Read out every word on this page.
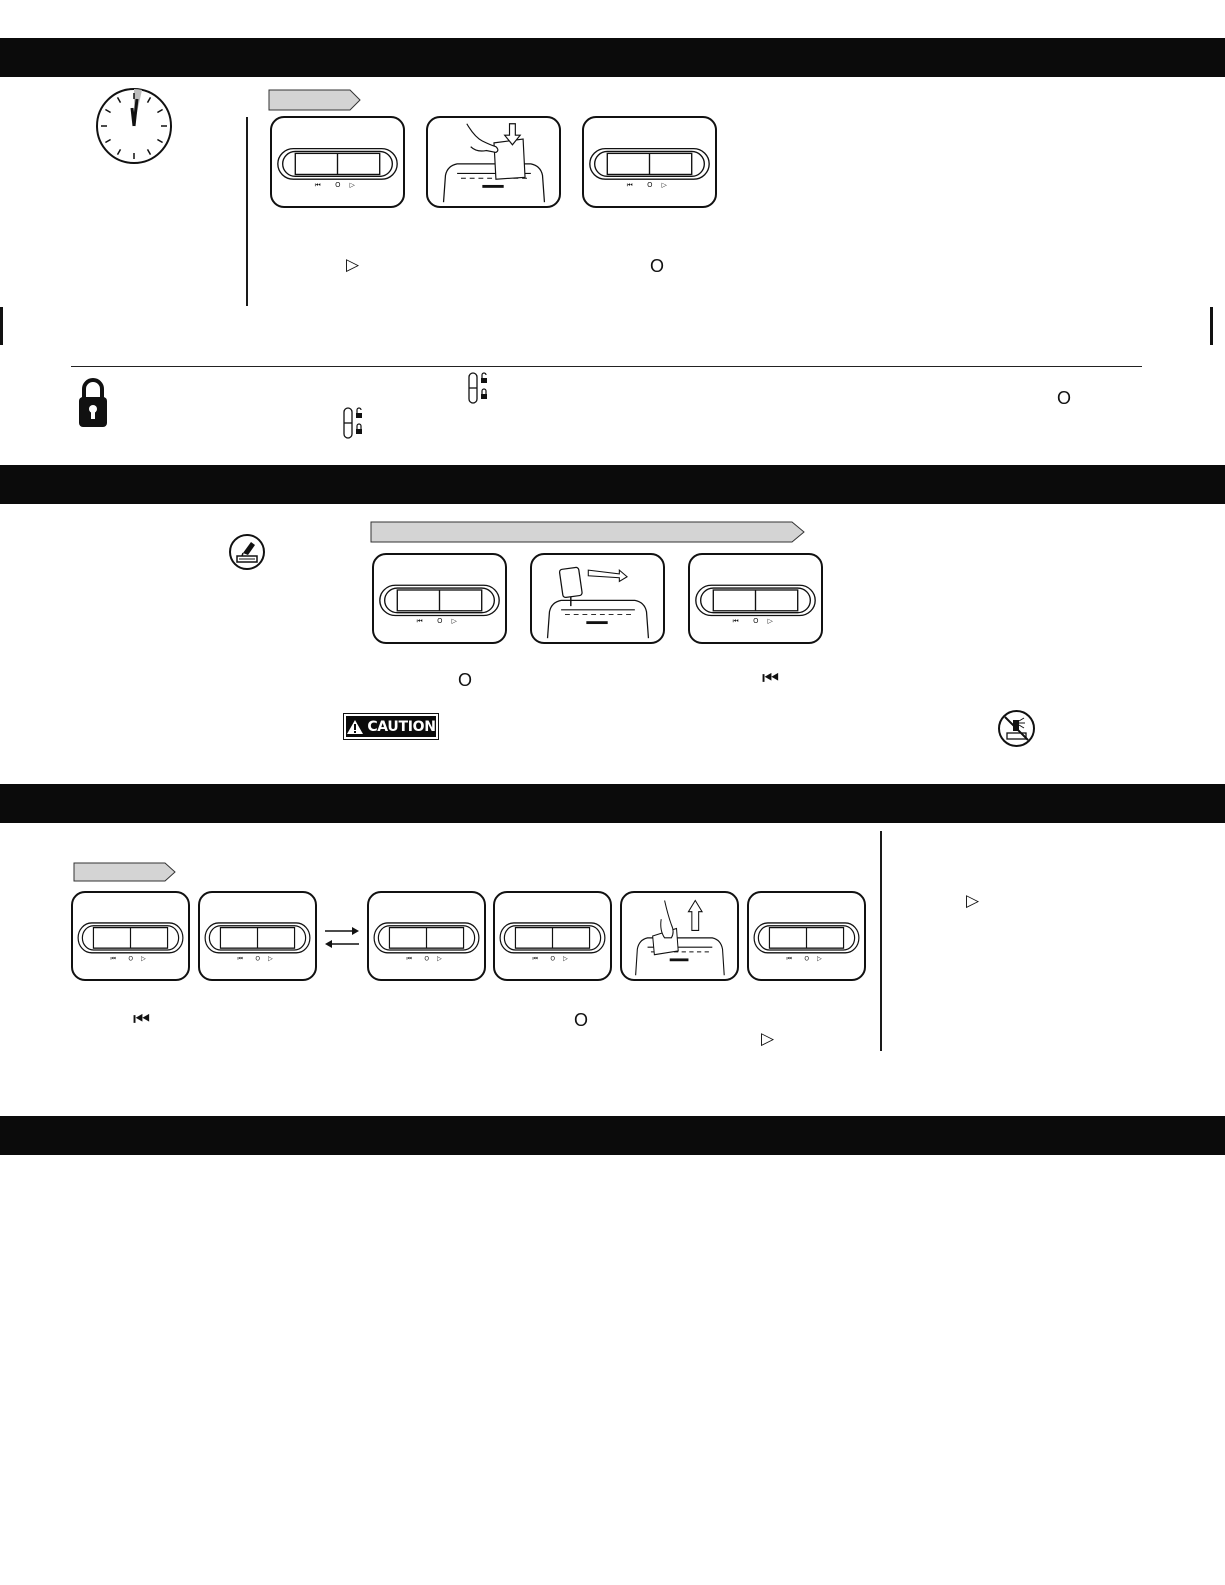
⏮ O ▷	⏮ O ▷
▷	O
O
⏮ O ▷	⏮ O ▷
O	⏮
CAUTION
⏮ O ▷	⏮ O ▷	⏮ O ▷	⏮ O ▷	⏮ O ▷
⏮	O
▷
▷
